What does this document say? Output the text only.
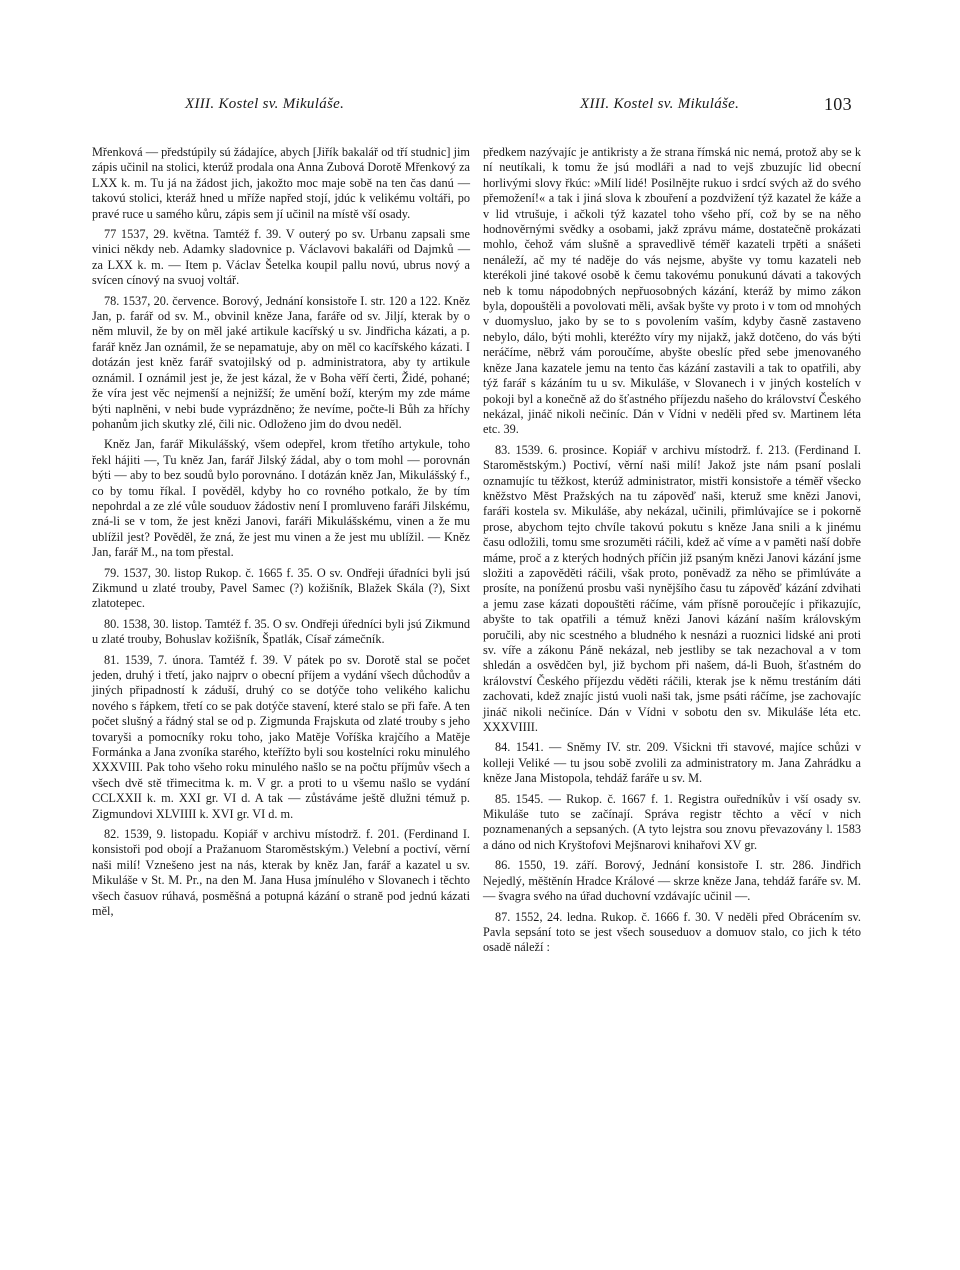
XIII. Kostel sv. Mikuláše.	XIII. Kostel sv. Mikuláše.	103

Mřenková — předstúpily sú žádajíce, abych [Jiřík bakalář od tří studnic] jim zápis učinil na stolici, kterúž prodala ona Anna Zubová Dorotě Mřenkový za LXX k. m. Tu já na žádost jich, jakožto moc maje sobě na ten čas danú — takovú stolici, kteráž hned u mříže napřed stojí, jdúc k velikému voltáři, po pravé ruce u samého kůru, zápis sem jí učinil na místě vší osady.

77 1537, 29. května. Tamtéž f. 39. V outerý po sv. Urbanu zapsali sme vinici někdy neb. Adamky sladovnice p. Václavovi bakaláři od Dajmků — za LXX k. m. — Item p. Václav Šetelka koupil pallu novú, ubrus nový a svícen cínový na svuoj voltář.

78. 1537, 20. července. Borový, Jednání konsistoře I. str. 120 a 122. Kněz Jan, p. farář od sv. M., obvinil kněze Jana, faráře od sv. Jiljí, kterak by o něm mluvil, že by on měl jaké artikule kacířský u sv. Jindřicha kázati, a p. farář kněz Jan oznámil, že se nepamatuje, aby on měl co kacířského kázati. I dotázán jest kněz farář svatojilský od p. administratora, aby ty artikule oznámil. I oznámil jest je, že jest kázal, že v Boha věří čerti, Židé, pohané; že víra jest věc nejmenší a nejnižší; že umění boží, kterým my zde máme býti naplněni, v nebi bude vyprázdněno; že nevíme, počte-li Bůh za hříchy pohanům jich skutky zlé, čili nic. Odloženo jim do dvou neděl.

Kněz Jan, farář Mikulášský, všem odepřel, krom třetího artykule, toho řekl hájiti —, Tu kněz Jan, farář Jilský žádal, aby o tom mohl — porovnán býti — aby to bez soudů bylo porovnáno. I dotázán kněz Jan, Mikulášský f., co by tomu říkal. I pověděl, kdyby ho co rovného potkalo, že by tím nepohrdal a ze zlé vůle souduov žádostiv není I promluveno faráři Jilskému, zná-li se v tom, že jest knězi Janovi, faráři Mikulášskému, vinen a že mu ublížil jest? Pověděl, že zná, že jest mu vinen a že jest mu ublížil. — Kněz Jan, farář M., na tom přestal.

79. 1537, 30. listop Rukop. č. 1665 f. 35. O sv. Ondřeji úřadníci byli jsú Zikmund u zlaté trouby, Pavel Samec (?) kožišník, Blažek Skála (?), Sixt zlatotepec.

80. 1538, 30. listop. Tamtéž f. 35. O sv. Ondřeji úředníci byli jsú Zikmund u zlaté trouby, Bohuslav kožišník, Špatlák, Císař zámečník.

81. 1539, 7. února. Tamtéž f. 39. V pátek po sv. Dorotě stal se počet jeden, druhý i třetí, jako najprv o obecní příjem a vydání všech důchodův a jiných připadností k záduší, druhý co se dotýče toho velikého kalichu nového s řápkem, třetí co se pak dotýče stavení, které stalo se při faře. A ten počet slušný a řádný stal se od p. Zigmunda Frajskuta od zlaté trouby s jeho tovaryši a pomocníky roku toho, jako Matěje Voříška krajčího a Matěje Formánka a Jana zvoníka starého, kteřížto byli sou kostelníci roku minulého XXXVIII. Pak toho všeho roku minulého našlo se na počtu příjmův všech a všech dvě stě třimecitma k. m. V gr. a proti to u všemu našlo se vydání CCLXXII k. m. XXI gr. VI d. A tak — zůstáváme ještě dlužni témuž p. Zigmundovi XLVIIII k. XVI gr. VI d. m.

82. 1539, 9. listopadu. Kopiář v archivu místodrž. f. 201. (Ferdinand I. konsistoři pod obojí a Pražanuom Staroměstským.) Velební a poctiví, věrní naši milí! Vznešeno jest na nás, kterak by kněz Jan, farář a kazatel u sv. Mikuláše v St. M. Pr., na den M. Jana Husa jmínulého v Slovanech i těchto všech časuov rúhavá, posměšná a potupná kázání o straně pod jednú kázati měl,

předkem nazývajíc je antikristy a že strana římská nic nemá, protož aby se k ní neutíkali, k tomu že jsú modláři a nad to vejš zbuzujíc lid obecní horlivými slovy řkúc: »Milí lidé! Posilnějte rukuo i srdcí svých až do svého přemožení!« a tak i jiná slova k zbouření a pozdvižení týž kazatel že káže a v lid vtrušuje, i ačkoli týž kazatel toho všeho pří, což by se na něho hodnověrnými svědky a osobami, jakž zprávu máme, dostatečně prokázati mohlo, čehož vám slušně a spravedlivě téměř kazateli trpěti a snášeti nenáleží, ač my té naděje do vás nejsme, abyšte vy tomu kazateli neb kterékoli jiné takové osobě k čemu takovému ponukunú dávati a takových neb k tomu nápodobných nepřuosobných kázání, kteráž by mimo zákon byla, dopouštěli a povolovati měli, avšak byšte vy proto i v tom od mnohých v duomysluo, jako by se to s povolením vaším, kdyby časně zastaveno nebylo, dálo, býti mohli, kteréžto víry my nijakž, jakž dotčeno, do vás býti neráčíme, něbrž vám poroučíme, abyšte obeslíc před sebe jmenovaného kněze Jana kazatele jemu na tento čas kázání zastavili a tak to opatřili, aby týž farář s kázáním tu u sv. Mikuláše, v Slovanech i v jiných kostelích v pokoji byl a konečně až do šťastného příjezdu našeho do království Českého nekázal, jináč nikoli nečiníc. Dán v Vídni v neděli před sv. Martinem léta etc. 39.

83. 1539. 6. prosince. Kopiář v archivu místodrž. f. 213. (Ferdinand I. Staroměstským.) Poctiví, věrní naši milí! Jakož jste nám psaní poslali oznamujíc tu těžkost, kterúž administrator, mistři konsistoře a téměř všecko kněžstvo Měst Pražských na tu zápověď naši, kteruž sme knězi Janovi, faráři kostela sv. Mikuláše, aby nekázal, učinili, přimlúvajíce se i pokorně prose, abychom tejto chvíle takovú pokutu s kněze Jana snili a k jinému času odložili, tomu sme srozuměti ráčili, kdež ač víme a v paměti naší dobře máme, proč a z kterých hodných příčin již psaným knězi Janovi kázání jsme složiti a zapověděti ráčili, však proto, poněvadž za něho se přimlúváte a prosíte, na poníženú prosbu vaši nynějšího času tu zápověď kázání zdvihati a jemu zase kázati dopouštěti ráčíme, vám přísně poroučejíc i přikazujíc, abyšte to tak opatřili a témuž knězi Janovi kázání naším královským poručili, aby nic scestného a bludného k nesnázi a ruoznici lidské ani proti sv. víře a zákonu Páně nekázal, neb jestliby se tak nezachoval a v tom shledán a osvědčen byl, již bychom při našem, dá-li Buoh, šťastném do království Českého příjezdu věděti ráčili, kterak jse k němu trestáním dáti zachovati, kdež znajíc jistú vuoli naši tak, jsme psáti ráčíme, jse zachovajíc jináč nikoli nečiníce. Dán v Vídni v sobotu den sv. Mikuláše léta etc. XXXVIIII.

84. 1541. — Sněmy IV. str. 209. Všickni tři stavové, majíce schůzi v kolleji Veliké — tu jsou sobě zvolili za administratory m. Jana Zahrádku a kněze Jana Mistopola, tehdáž faráře u sv. M.

85. 1545. — Rukop. č. 1667 f. 1. Registra ouředníkův i vší osady sv. Mikuláše tuto se začínají. Správa registr těchto a věcí v nich poznamenaných a sepsaných. (A tyto lejstra sou znovu převazovány l. 1583 a dáno od nich Kryštofovi Mejšnarovi knihařovi XV gr.

86. 1550, 19. září. Borový, Jednání konsistoře I. str. 286. Jindřich Nejedlý, měštěnín Hradce Králové — skrze kněze Jana, tehdáž faráře sv. M. — švagra svého na úřad duchovní vzdávajíc učinil —.

87. 1552, 24. ledna. Rukop. č. 1666 f. 30. V neděli před Obrácením sv. Pavla sepsání toto se jest všech souseduov a domuov stalo, co jich k této osadě náleží :
